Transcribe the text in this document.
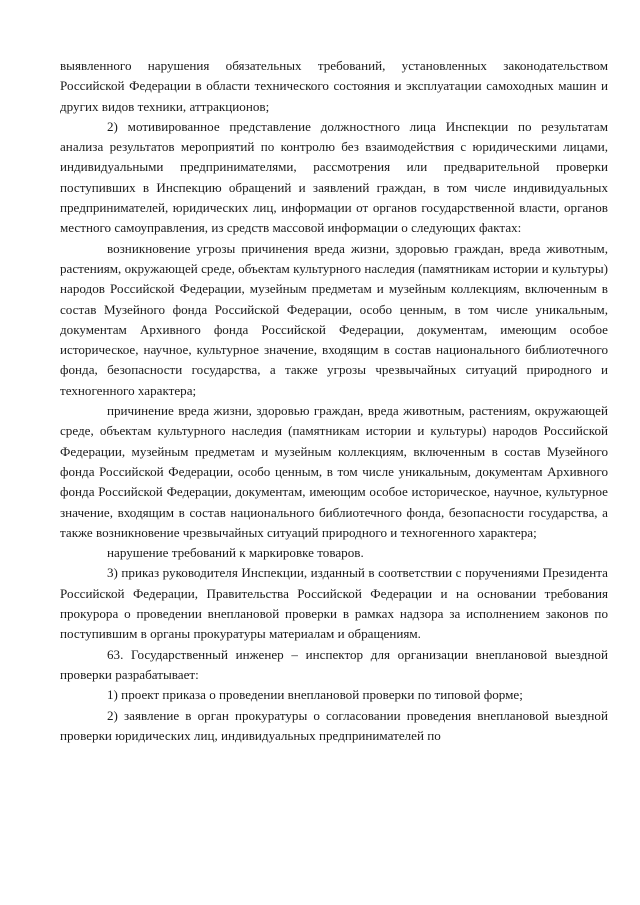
выявленного нарушения обязательных требований, установленных законодательством Российской Федерации в области технического состояния и эксплуатации самоходных машин и других видов техники, аттракционов;

2) мотивированное представление должностного лица Инспекции по результатам анализа результатов мероприятий по контролю без взаимодействия с юридическими лицами, индивидуальными предпринимателями, рассмотрения или предварительной проверки поступивших в Инспекцию обращений и заявлений граждан, в том числе индивидуальных предпринимателей, юридических лиц, информации от органов государственной власти, органов местного самоуправления, из средств массовой информации о следующих фактах:

возникновение угрозы причинения вреда жизни, здоровью граждан, вреда животным, растениям, окружающей среде, объектам культурного наследия (памятникам истории и культуры) народов Российской Федерации, музейным предметам и музейным коллекциям, включенным в состав Музейного фонда Российской Федерации, особо ценным, в том числе уникальным, документам Архивного фонда Российской Федерации, документам, имеющим особое историческое, научное, культурное значение, входящим в состав национального библиотечного фонда, безопасности государства, а также угрозы чрезвычайных ситуаций природного и техногенного характера;

причинение вреда жизни, здоровью граждан, вреда животным, растениям, окружающей среде, объектам культурного наследия (памятникам истории и культуры) народов Российской Федерации, музейным предметам и музейным коллекциям, включенным в состав Музейного фонда Российской Федерации, особо ценным, в том числе уникальным, документам Архивного фонда Российской Федерации, документам, имеющим особое историческое, научное, культурное значение, входящим в состав национального библиотечного фонда, безопасности государства, а также возникновение чрезвычайных ситуаций природного и техногенного характера;

нарушение требований к маркировке товаров.

3) приказ руководителя Инспекции, изданный в соответствии с поручениями Президента Российской Федерации, Правительства Российской Федерации и на основании требования прокурора о проведении внеплановой проверки в рамках надзора за исполнением законов по поступившим в органы прокуратуры материалам и обращениям.

63. Государственный инженер – инспектор для организации внеплановой выездной проверки разрабатывает:

1) проект приказа о проведении внеплановой проверки по типовой форме;

2) заявление в орган прокуратуры о согласовании проведения внеплановой выездной проверки юридических лиц, индивидуальных предпринимателей по
